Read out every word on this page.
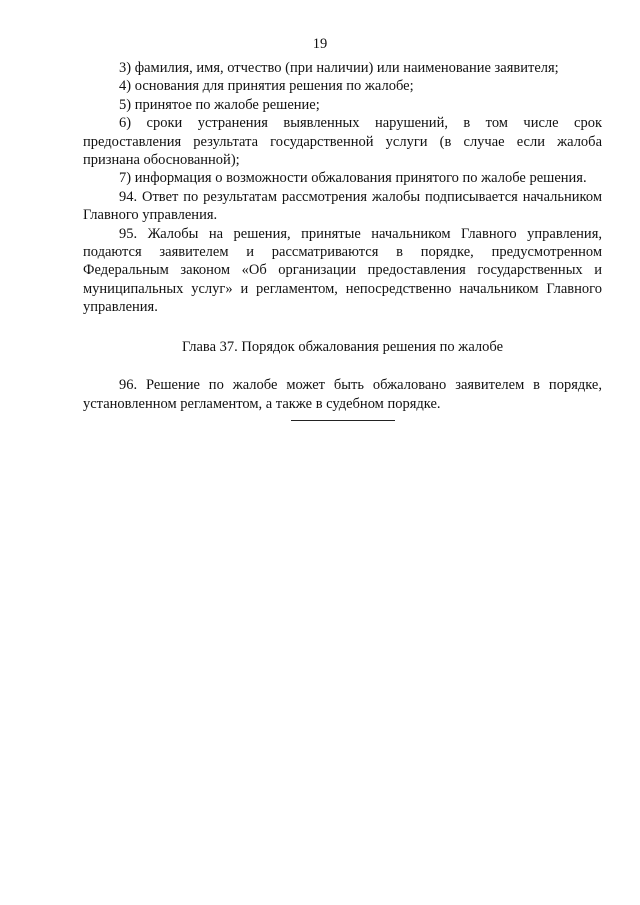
19

3) фамилия, имя, отчество (при наличии) или наименование заявителя;

4) основания для принятия решения по жалобе;

5) принятое по жалобе решение;

6) сроки устранения выявленных нарушений, в том числе срок предоставления результата государственной услуги (в случае если жалоба признана обоснованной);

7) информация о возможности обжалования принятого по жалобе решения.

94. Ответ по результатам рассмотрения жалобы подписывается начальником Главного управления.

95. Жалобы на решения, принятые начальником Главного управления, подаются заявителем и рассматриваются в порядке, предусмотренном Федеральным законом «Об организации предоставления государственных и муниципальных услуг» и регламентом, непосредственно начальником Главного управления.

Глава 37. Порядок обжалования решения по жалобе

96. Решение по жалобе может быть обжаловано заявителем в порядке, установленном регламентом, а также в судебном порядке.
